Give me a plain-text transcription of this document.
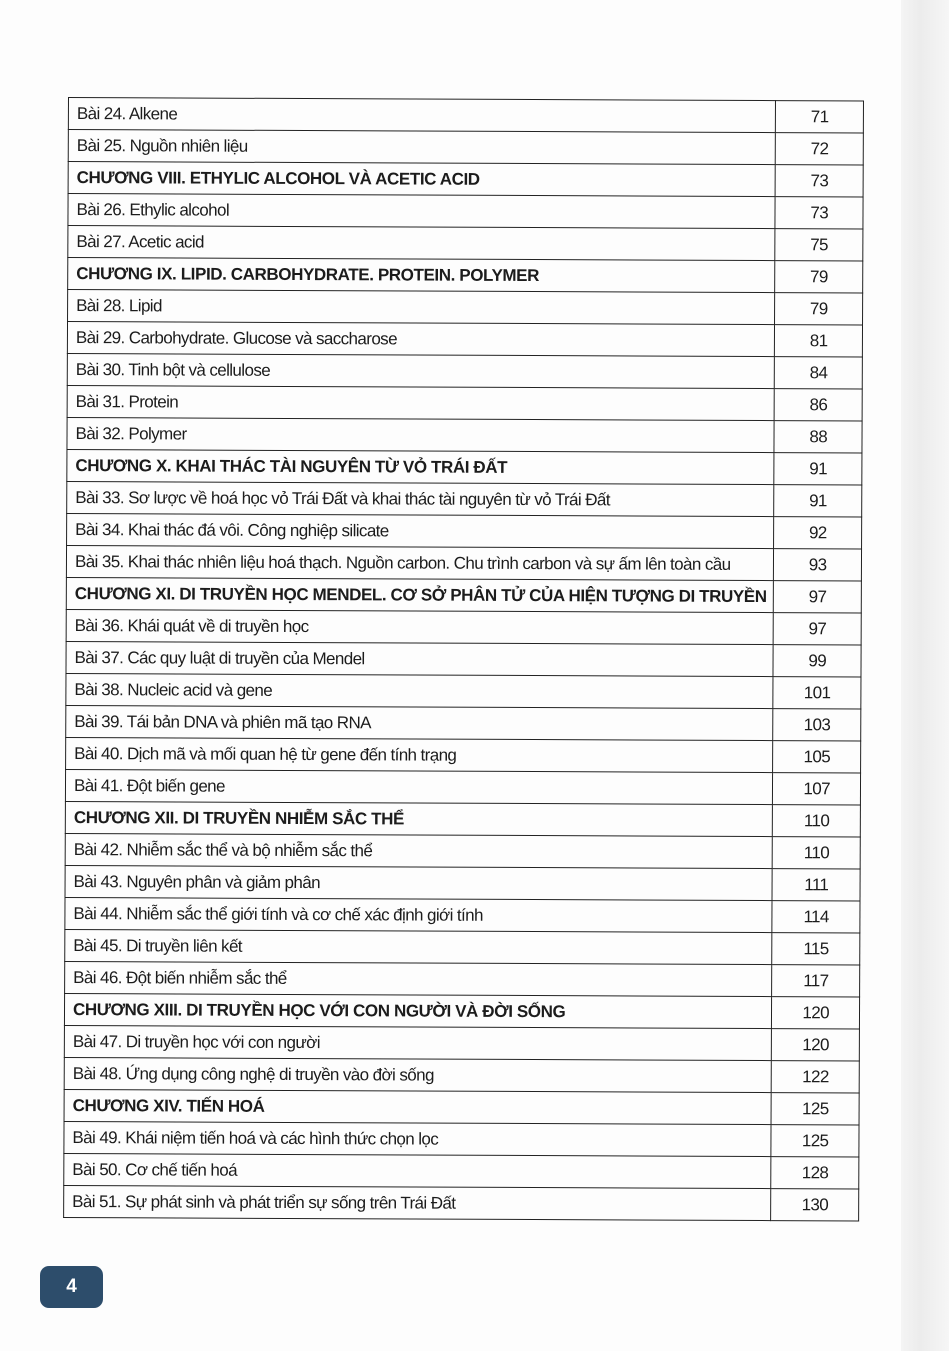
Bài 24. Alkene	71
Bài 25. Nguồn nhiên liệu	72
CHƯƠNG VIII. ETHYLIC ALCOHOL VÀ ACETIC ACID	73
Bài 26. Ethylic alcohol	73
Bài 27. Acetic acid	75
CHƯƠNG IX. LIPID. CARBOHYDRATE. PROTEIN. POLYMER	79
Bài 28. Lipid	79
Bài 29. Carbohydrate. Glucose và saccharose	81
Bài 30. Tinh bột và cellulose	84
Bài 31. Protein	86
Bài 32. Polymer	88
CHƯƠNG X. KHAI THÁC TÀI NGUYÊN TỪ VỎ TRÁI ĐẤT	91
Bài 33. Sơ lược về hoá học vỏ Trái Đất và khai thác tài nguyên từ vỏ Trái Đất	91
Bài 34. Khai thác đá vôi. Công nghiệp silicate	92
Bài 35. Khai thác nhiên liệu hoá thạch. Nguồn carbon. Chu trình carbon và sự ấm lên toàn cầu	93
CHƯƠNG XI. DI TRUYỀN HỌC MENDEL. CƠ SỞ PHÂN TỬ CỦA HIỆN TƯỢNG DI TRUYỀN	97
Bài 36. Khái quát về di truyền học	97
Bài 37. Các quy luật di truyền của Mendel	99
Bài 38. Nucleic acid và gene	101
Bài 39. Tái bản DNA và phiên mã tạo RNA	103
Bài 40. Dịch mã và mối quan hệ từ gene đến tính trạng	105
Bài 41. Đột biến gene	107
CHƯƠNG XII. DI TRUYỀN NHIỄM SẮC THỂ	110
Bài 42. Nhiễm sắc thể và bộ nhiễm sắc thể	110
Bài 43. Nguyên phân và giảm phân	111
Bài 44. Nhiễm sắc thể giới tính và cơ chế xác định giới tính	114
Bài 45. Di truyền liên kết	115
Bài 46. Đột biến nhiễm sắc thể	117
CHƯƠNG XIII. DI TRUYỀN HỌC VỚI CON NGƯỜI VÀ ĐỜI SỐNG	120
Bài 47. Di truyền học với con người	120
Bài 48. Ứng dụng công nghệ di truyền vào đời sống	122
CHƯƠNG XIV. TIẾN HOÁ	125
Bài 49. Khái niệm tiến hoá và các hình thức chọn lọc	125
Bài 50. Cơ chế tiến hoá	128
Bài 51. Sự phát sinh và phát triển sự sống trên Trái Đất	130
4
